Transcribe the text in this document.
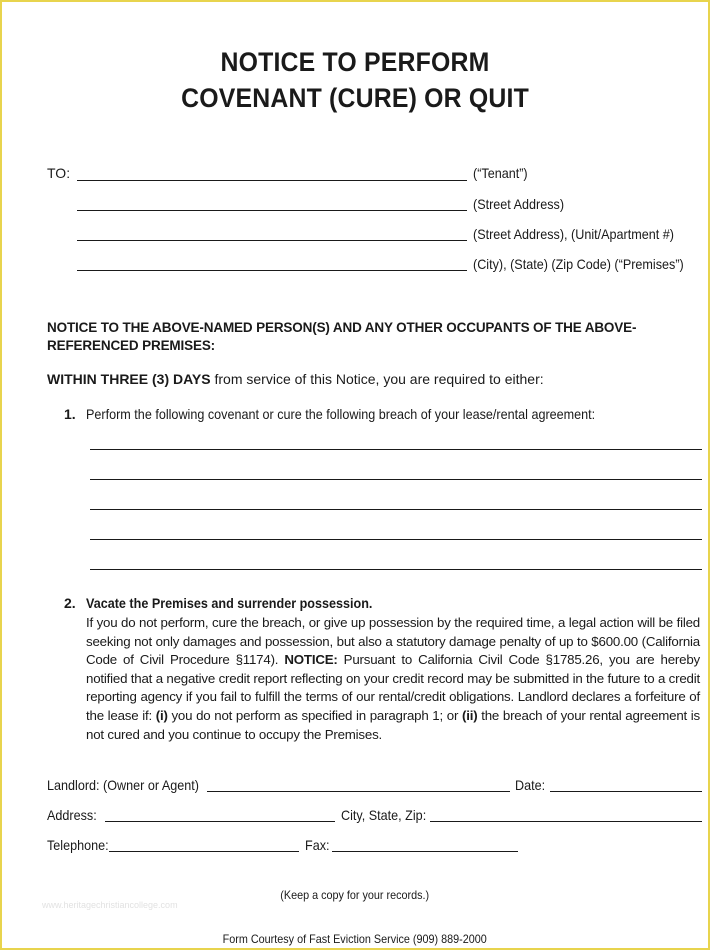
NOTICE TO PERFORM
COVENANT (CURE) OR QUIT
TO:	(“Tenant”)
(Street Address)
(Street Address), (Unit/Apartment #)
(City), (State) (Zip Code) (“Premises”)
NOTICE TO THE ABOVE-NAMED PERSON(S) AND ANY OTHER OCCUPANTS OF THE ABOVE-REFERENCED PREMISES:
WITHIN THREE (3) DAYS from service of this Notice, you are required to either:
1. Perform the following covenant or cure the following breach of your lease/rental agreement:
2. Vacate the Premises and surrender possession.
If you do not perform, cure the breach, or give up possession by the required time, a legal action will be filed seeking not only damages and possession, but also a statutory damage penalty of up to $600.00 (California Code of Civil Procedure §1174). NOTICE: Pursuant to California Civil Code §1785.26, you are hereby notified that a negative credit report reflecting on your credit record may be submitted in the future to a credit reporting agency if you fail to fulfill the terms of our rental/credit obligations. Landlord declares a forfeiture of the lease if: (i) you do not perform as specified in paragraph 1; or (ii) the breach of your rental agreement is not cured and you continue to occupy the Premises.
Landlord: (Owner or Agent)	Date:
Address:	City, State, Zip:
Telephone:	Fax:
(Keep a copy for your records.)
www.heritagechristiancollege.com
Form Courtesy of Fast Eviction Service (909) 889-2000
